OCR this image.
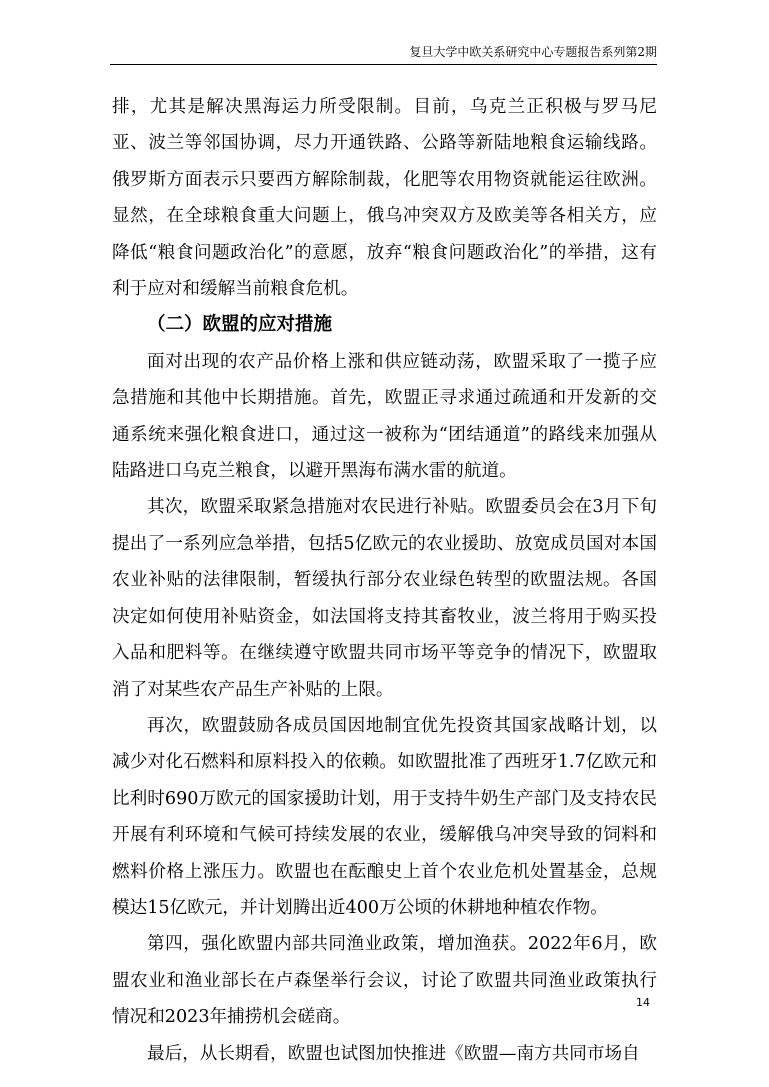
复旦大学中欧关系研究中心专题报告系列第2期

排，尤其是解决黑海运力所受限制。目前，乌克兰正积极与罗马尼亚、波兰等邻国协调，尽力开通铁路、公路等新陆地粮食运输线路。俄罗斯方面表示只要西方解除制裁，化肥等农用物资就能运往欧洲。显然，在全球粮食重大问题上，俄乌冲突双方及欧美等各相关方，应降低“粮食问题政治化”的意愿，放弃“粮食问题政治化”的举措，这有利于应对和缓解当前粮食危机。

（二）欧盟的应对措施

面对出现的农产品价格上涨和供应链动荡，欧盟采取了一揽子应急措施和其他中长期措施。首先，欧盟正寻求通过疏通和开发新的交通系统来强化粮食进口，通过这一被称为“团结通道”的路线来加强从陆路进口乌克兰粮食，以避开黑海布满水雷的航道。

其次，欧盟采取紧急措施对农民进行补贴。欧盟委员会在3月下旬提出了一系列应急举措，包括5亿欧元的农业援助、放宽成员国对本国农业补贴的法律限制，暂缓执行部分农业绿色转型的欧盟法规。各国决定如何使用补贴资金，如法国将支持其畜牧业，波兰将用于购买投入品和肥料等。在继续遵守欧盟共同市场平等竞争的情况下，欧盟取消了对某些农产品生产补贴的上限。

再次，欧盟鼓励各成员国因地制宜优先投资其国家战略计划，以减少对化石燃料和原料投入的依赖。如欧盟批准了西班牙1.7亿欧元和比利时690万欧元的国家援助计划，用于支持牛奶生产部门及支持农民开展有利环境和气候可持续发展的农业，缓解俄乌冲突导致的饲料和燃料价格上涨压力。欧盟也在酝酿史上首个农业危机处置基金，总规模达15亿欧元，并计划腾出近400万公顷的休耕地种植农作物。

第四，强化欧盟内部共同渔业政策，增加渔获。2022年6月，欧盟农业和渔业部长在卢森堡举行会议，讨论了欧盟共同渔业政策执行情况和2023年捕捞机会磋商。

最后，从长期看，欧盟也试图加快推进《欧盟—南方共同市场自

14
